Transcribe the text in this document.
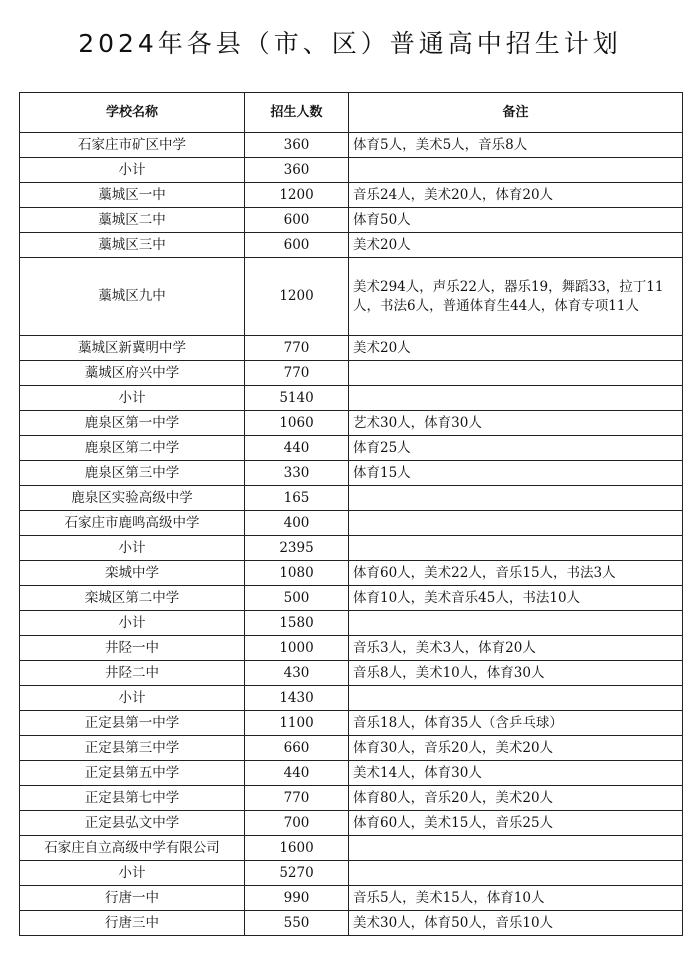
2024年各县（市、区）普通高中招生计划
学校名称	招生人数	备注
石家庄市矿区中学	360	体育5人，美术5人，音乐8人
小计	360	
藁城区一中	1200	音乐24人，美术20人，体育20人
藁城区二中	600	体育50人
藁城区三中	600	美术20人
藁城区九中	1200	美术294人，声乐22人，器乐19，舞蹈33，拉丁11人，书法6人，普通体育生44人，体育专项11人
藁城区新冀明中学	770	美术20人
藁城区府兴中学	770	
小计	5140	
鹿泉区第一中学	1060	艺术30人，体育30人
鹿泉区第二中学	440	体育25人
鹿泉区第三中学	330	体育15人
鹿泉区实验高级中学	165	
石家庄市鹿鸣高级中学	400	
小计	2395	
栾城中学	1080	体育60人，美术22人，音乐15人，书法3人
栾城区第二中学	500	体育10人，美术音乐45人，书法10人
小计	1580	
井陉一中	1000	音乐3人，美术3人，体育20人
井陉二中	430	音乐8人，美术10人，体育30人
小计	1430	
正定县第一中学	1100	音乐18人，体育35人（含乒乓球）
正定县第三中学	660	体育30人，音乐20人，美术20人
正定县第五中学	440	美术14人，体育30人
正定县第七中学	770	体育80人，音乐20人，美术20人
正定县弘文中学	700	体育60人，美术15人，音乐25人
石家庄自立高级中学有限公司	1600	
小计	5270	
行唐一中	990	音乐5人，美术15人，体育10人
行唐三中	550	美术30人，体育50人，音乐10人
